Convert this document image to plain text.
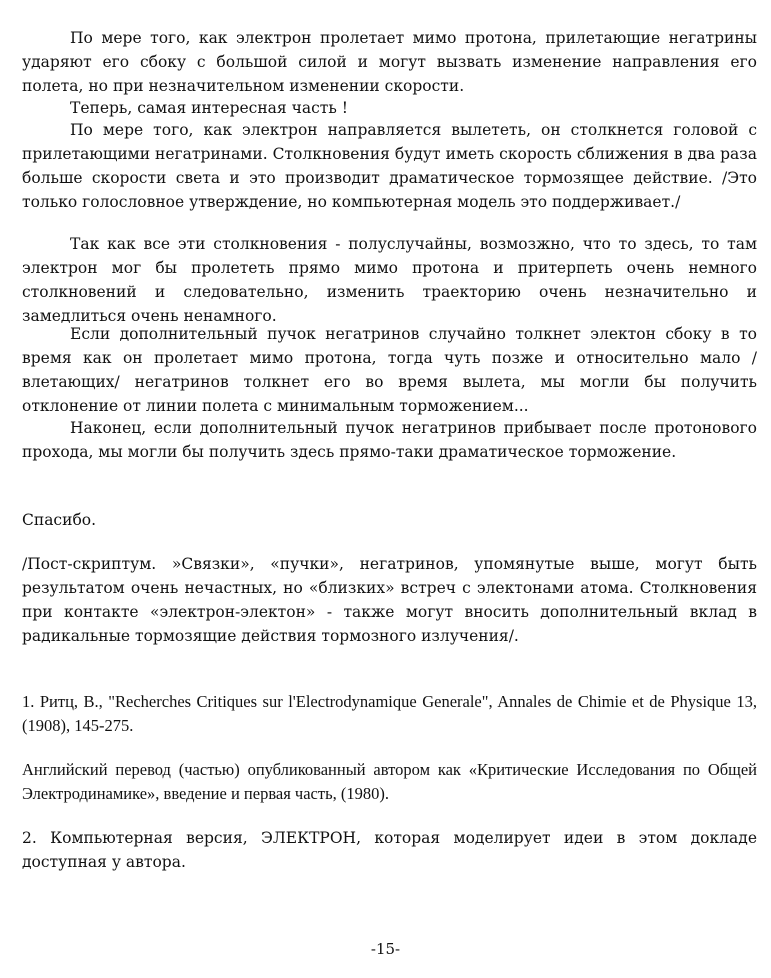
По мере того, как электрон пролетает мимо протона, прилетающие негатрины ударяют его сбоку с большой силой и могут вызвать изменение направления его полета, но при незначительном изменении скорости.

Теперь, самая интересная часть !

По мере того, как электрон направляется вылететь, он столкнется головой с прилетающими негатринами. Столкновения будут иметь скорость сближения в два раза больше скорости света и это производит драматическое тормозящее действие. /Это только голословное утверждение, но компьютерная модель это поддерживает./

Так как все эти столкновения - полуслучайны, возмозжно, что то здесь, то там электрон мог бы пролететь прямо мимо протона и притерпеть очень немного столкновений и следовательно, изменить траекторию очень незначительно и замедлиться очень ненамного.

Если дополнительный пучок негатринов случайно толкнет электон сбоку в то время как он пролетает мимо протона, тогда чуть позже и относительно мало /влетающих/ негатринов толкнет его во время вылета, мы могли бы получить отклонение от линии полета с минимальным торможением...

Наконец, если дополнительный пучок негатринов прибывает после протонового прохода, мы могли бы получить здесь прямо-таки драматическое торможение.

Спасибо.

/Пост-скриптум. »Связки», «пучки», негатринов, упомянутые выше, могут быть результатом очень нечастных, но «близких» встреч с электонами атома. Столкновения при контакте «электрон-электон» - также могут вносить дополнительный вклад в радикальные тормозящие действия тормозного излучения/.

1. Ритц, B., "Recherches Critiques sur l'Electrodynamique Generale", Annales de Chimie et de Physique 13, (1908), 145-275.

Английский перевод (частью) опубликованный автором как «Критические Исследования по Общей Электродинамике», введение и первая часть, (1980).

2. Компьютерная версия, ЭЛЕКТРОН, которая моделирует идеи в этом докладе доступная у автора.

-15-
